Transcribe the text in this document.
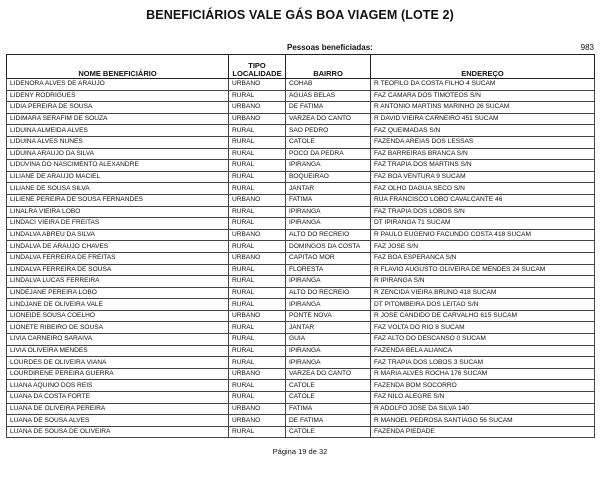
BENEFICIÁRIOS VALE GÁS BOA VIAGEM (LOTE 2)
Pessoas beneficiadas:	983
NOME BENEFICIÁRIO	TIPO LOCALIDADE	BAIRRO	ENDEREÇO
LIDENORA ALVES DE ARAUJO	URBANO	COHAB	R TEOFILO DA COSTA FILHO 4 SUCAM
LIDENY RODRIGUES	RURAL	AGUAS BELAS	FAZ CAMARA DOS TIMOTEOS S/N
LIDIA PEREIRA DE SOUSA	URBANO	DE FATIMA	R ANTONIO MARTINS MARINHO 26 SUCAM
LIDIMARA SERAFIM DE SOUZA	URBANO	VARZEA DO CANTO	R DAVID VIEIRA CARNEIRO 451 SUCAM
LIDUINA ALMEIDA ALVES	RURAL	SAO PEDRO	FAZ QUEIMADAS S/N
LIDUINA ALVES NUNES	RURAL	CATOLE	FAZENDA AREIAS DOS LESSAS
LIDUINA ARAUJO DA SILVA	RURAL	POCO DA PEDRA	FAZ BARREIRAS BRANCA S/N
LIDUVINA DO NASCIMENTO ALEXANDRE	RURAL	IPIRANGA	FAZ TRAPIA DOS MARTINS S/N
LILIANE DE ARAUJO MACIEL	RURAL	BOQUEIRAO	FAZ BOA VENTURA 9 SUCAM
LILIANE DE SOUSA SILVA	RURAL	JANTAR	FAZ OLHO DAGUA SECO S/N
LILIENE PEREIRA DE SOUSA FERNANDES	URBANO	FATIMA	RUA FRANCISCO LOBO CAVALCANTE 46
LINALRA VIEIRA LOBO	RURAL	IPIRANGA	FAZ TRAPIA DOS LOBOS S/N
LINDACI VIEIRA DE FREITAS	RURAL	IPIRANGA	DT IPIRANGA 71 SUCAM
LINDALVA ABREU DA SILVA	URBANO	ALTO DO RECREIO	R PAULO EUGENIO FACUNDO COSTA 418 SUCAM
LINDALVA DE ARAUJO CHAVES	RURAL	DOMINGOS DA COSTA	FAZ JOSE S/N
LINDALVA FERREIRA DE FREITAS	URBANO	CAPITAO MOR	FAZ BOA ESPERANCA S/N
LINDALVA FERREIRA DE SOUSA	RURAL	FLORESTA	R FLAVIO AUGUSTO OLIVEIRA DE MENDES 24 SUCAM
LINDALVA LUCAS FERREIRA	RURAL	IPIRANGA	R IPIRANGA S/N
LINDEJANE PEREIRA LOBO	RURAL	ALTO DO RECREIO	R ZENCIDA VIEIRA BRUNO 418 SUCAM
LINDJANE DE OLIVEIRA VALE	RURAL	IPIRANGA	DT PITOMBEIRA DOS LEITAO S/N
LIONEIDE SOUSA COELHO	URBANO	PONTE NOVA	R JOSE CANDIDO DE CARVALHO 615 SUCAM
LIONETE RIBEIRO DE SOUSA	RURAL	JANTAR	FAZ VOLTA DO RIO 8 SUCAM
LIVIA CARNEIRO SARAIVA	RURAL	GUIA	FAZ ALTO DO DESCANSO 0 SUCAM
LIVIA OLIVEIRA MENDES	RURAL	IPIRANGA	FAZENDA BELA ALIANCA
LOURDES DE OLIVEIRA VIANA	RURAL	IPIRANGA	FAZ TRAPIA DOS LOBOS 3 SUCAM
LOURDIRENE PEREIRA GUERRA	URBANO	VARZEA DO CANTO	R MARIA ALVES ROCHA 176 SUCAM
LUANA AQUINO DOS REIS	RURAL	CATOLE	FAZENDA BOM SOCORRO
LUANA DA COSTA FORTE	RURAL	CATOLE	FAZ NILO ALEGRE S/N
LUANA DE OLIVEIRA PEREIRA	URBANO	FATIMA	R ADOLFO JOSE DA SILVA 140
LUANA DE SOUSA ALVES	URBANO	DE FATIMA	R MANOEL PEDROSA SANTIAGO 56 SUCAM
LUANA DE SOUSA DE OLIVEIRA	RURAL	CATOLE	FAZENDA PIEDADE
Página 19 de 32
